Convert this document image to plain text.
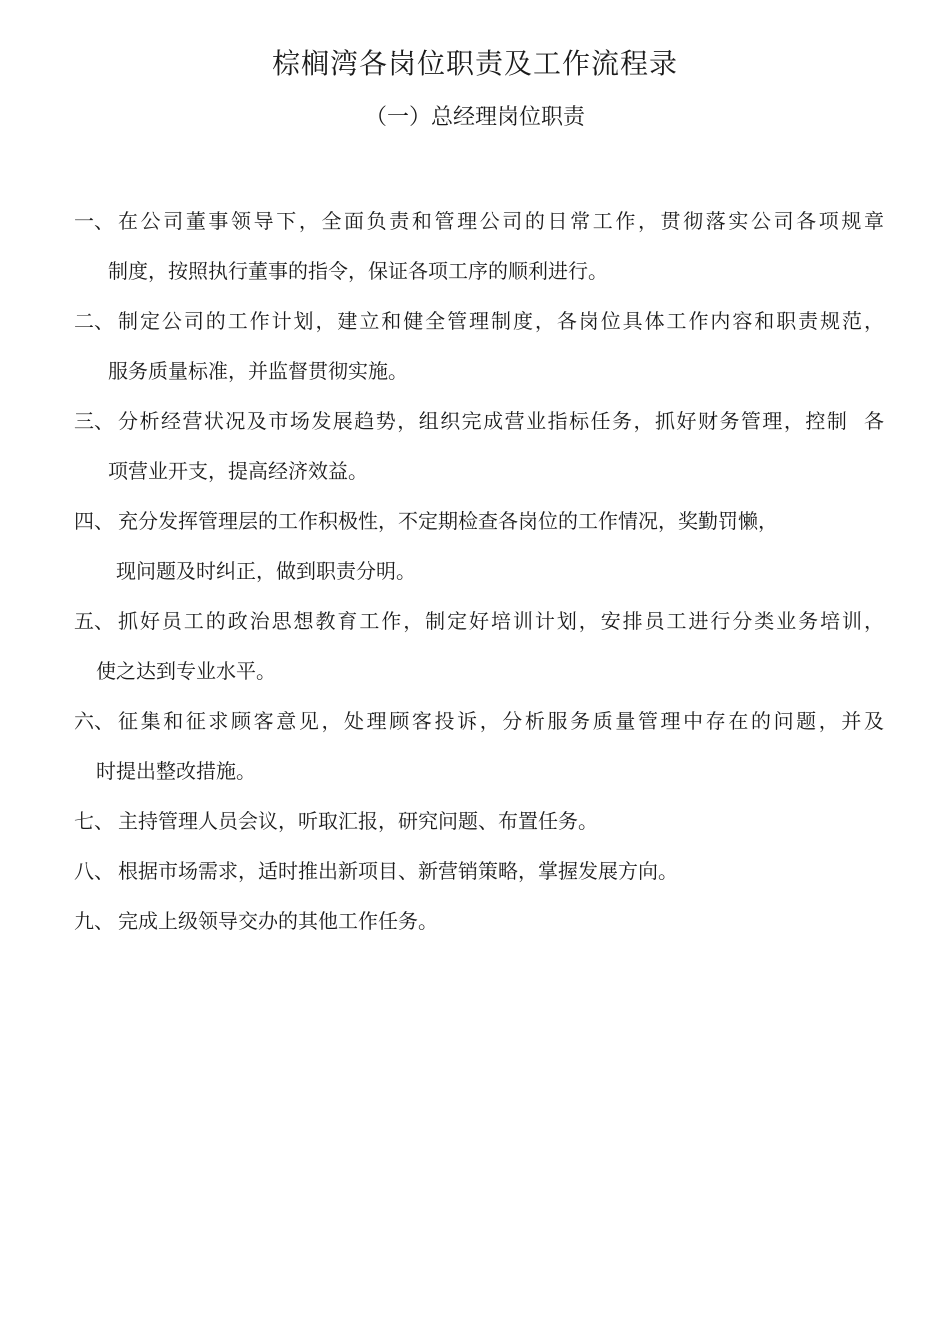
棕榈湾各岗位职责及工作流程录
（一）总经理岗位职责
一、 在公司董事领导下，全面负责和管理公司的日常工作，贯彻落实公司各项规章
制度，按照执行董事的指令，保证各项工序的顺利进行。
二、 制定公司的工作计划，建立和健全管理制度，各岗位具体工作内容和职责规范，
服务质量标准，并监督贯彻实施。
三、 分析经营状况及市场发展趋势，组织完成营业指标任务，抓好财务管理，控制  各
项营业开支，提高经济效益。
四、 充分发挥管理层的工作积极性，不定期检查各岗位的工作情况，奖勤罚懒，
现问题及时纠正，做到职责分明。
五、 抓好员工的政治思想教育工作，制定好培训计划，安排员工进行分类业务培训，
使之达到专业水平。
六、 征集和征求顾客意见，处理顾客投诉，分析服务质量管理中存在的问题，并及
时提出整改措施。
七、 主持管理人员会议，听取汇报，研究问题、布置任务。
八、 根据市场需求，适时推出新项目、新营销策略，掌握发展方向。
九、 完成上级领导交办的其他工作任务。
